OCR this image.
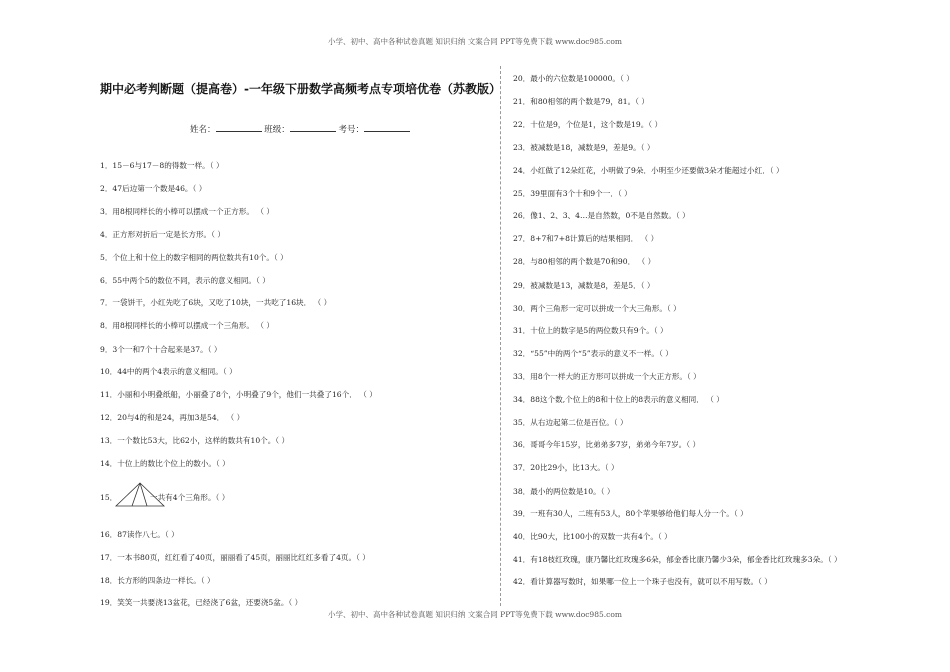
小学、初中、高中各种试卷真题 知识归纳 文案合同 PPT等免费下载 www.doc985.com
期中必考判断题（提高卷）-一年级下册数学高频考点专项培优卷（苏教版）
姓名：	班级：	考号：
1．15－6与17－8的得数一样。（ ）
2．47后边第一个数是46。（ ）
3．用8根同样长的小棒可以摆成一个正方形。 （ ）
4．正方形对折后一定是长方形。（ ）
5．个位上和十位上的数字相同的两位数共有10个。（ ）
6．55中两个5的数位不同，表示的意义相同。（ ）
7．一袋饼干，小红先吃了6块，又吃了10块，一共吃了16块． （ ）
8．用8根同样长的小棒可以摆成一个三角形。 （ ）
9．3个一和7个十合起来是37。（ ）
10．44中的两个4表示的意义相同。（ ）
11．小丽和小明叠纸船，小丽叠了8个，小明叠了9个，他们一共叠了16个． （ ）
12．20与4的和是24，再加3是54． （ ）
13．一个数比53大，比62小，这样的数共有10个。（ ）
14．十位上的数比个位上的数小。（ ）
15．	一共有4个三角形。（ ）
16．87读作八七。（ ）
17．一本书80页，红红看了40页，丽丽看了45页，丽丽比红红多看了4页。（ ）
18．长方形的四条边一样长。（ ）
19．笑笑一共要浇13盆花，已经浇了6盆，还要浇5盆。（ ）
20．最小的六位数是100000。（ ）
21．和80相邻的两个数是79，81。（ ）
22．十位是9，个位是1，这个数是19。（ ）
23．被减数是18，减数是9，差是9。（ ）
24．小红做了12朵红花，小明做了9朵．小明至少还要做3朵才能超过小红．（ ）
25．39里面有3个十和9个一．（ ）
26．像1、2、3、4…是自然数，0不是自然数。（ ）
27．8+7和7+8计算后的结果相同． （ ）
28．与80相邻的两个数是70和90． （ ）
29．被减数是13，减数是8，差是5．（ ）
30．两个三角形一定可以拼成一个大三角形。（ ）
31．十位上的数字是5的两位数只有9个。（ ）
32．“55”中的两个“5”表示的意义不一样。（ ）
33．用8个一样大的正方形可以拼成一个大正方形。（ ）
34．88这个数,个位上的8和十位上的8表示的意义相同． （ ）
35．从右边起第二位是百位。（ ）
36．哥哥今年15岁，比弟弟多7岁，弟弟今年7岁。（ ）
37．20比29小，比13大。（ ）
38．最小的两位数是10。（ ）
39．一班有30人，二班有53人，80个苹果够给他们每人分一个。（ ）
40．比90大，比100小的双数一共有4个。（ ）
41．有18枝红玫瑰，康乃馨比红玫瑰多6朵，郁金香比康乃馨少3朵，郁金香比红玫瑰多3朵。（ ）
42．看计算器写数时，如果哪一位上一个珠子也没有，就可以不用写数。（ ）
小学、初中、高中各种试卷真题 知识归纳 文案合同 PPT等免费下载 www.doc985.com
